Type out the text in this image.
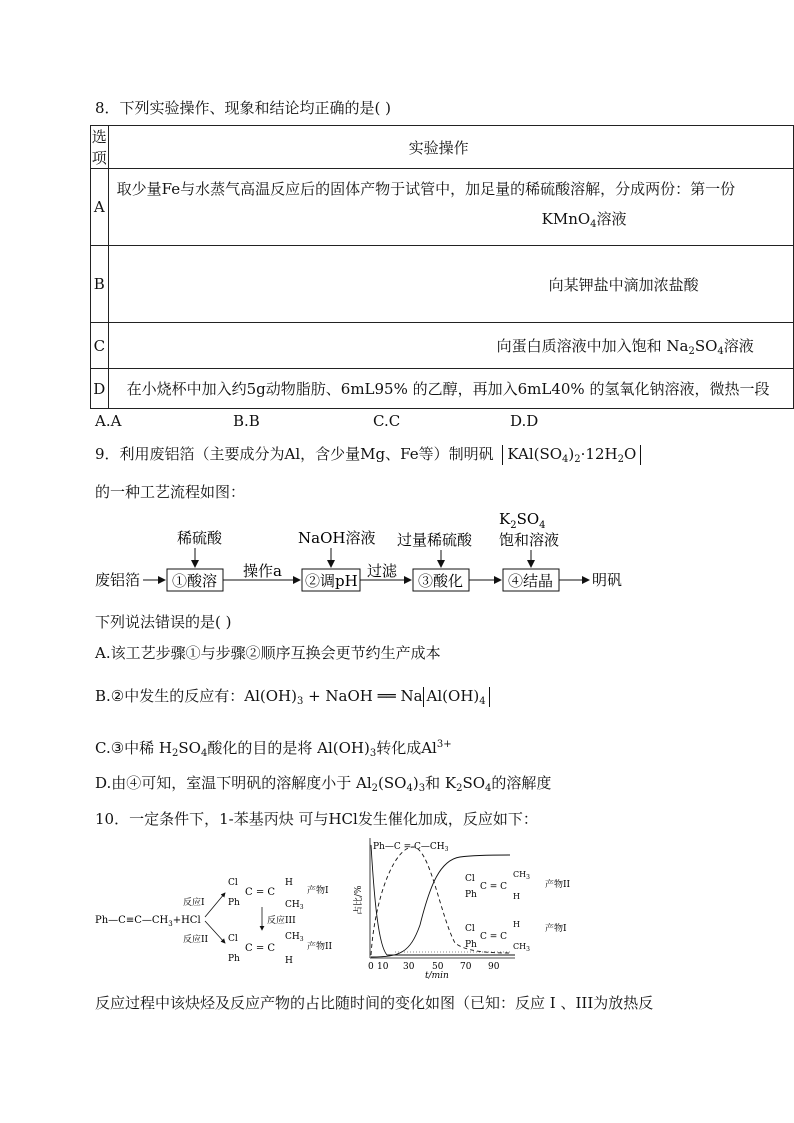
8．下列实验操作、现象和结论均正确的是( )
选项	实验操作
A	取少量Fe与水蒸气高温反应后的固体产物于试管中，加足量的稀硫酸溶解，分成两份：第一份
KMnO$_4$溶液

B	向某钾盐中滴加浓盐酸
C	向蛋白质溶液中加入饱和 $Na_2SO_4$溶液
D	在小烧杯中加入约5g动物脂肪、6mL95% 的乙醇，再加入6mL40% 的氢氧化钠溶液，微热一段
A.A	B.B	C.C	D.D
9．利用废铝箔（主要成分为Al，含少量Mg、Fe等）制明矾 $KAl(SO_4)_2\cdot 12H_2O$
的一种工艺流程如图：
废铝箔 ①酸溶
稀硫酸
操作a
②调pH
NaOH溶液
过滤
③酸化
过量稀硫酸
④结晶
$K_2SO_4$
饱和溶液
明矾
下列说法错误的是( )
A.该工艺步骤①与步骤②顺序互换会更节约生产成本
B.②中发生的反应有：$Al(OH)_3$ + NaOH ══ Na $Al(OH)_4$
C.③中稀 $H_2SO_4$酸化的目的是将 $Al(OH)_3$转化成$Al^{3+}$
D.由④可知，室温下明矾的溶解度小于 $Al_2(SO_4)_3$和 $K_2SO_4$的溶解度
10．一定条件下，1-苯基丙炔 可与HCl发生催化加成，反应如下：
$Ph—C\equiv C—CH_3+HCl$
反应I
反应II
Cl
Ph
C = C
H
$CH_3$
产物I
反应III
Cl
Ph
C = C
$CH_3$
H
产物II
占比/%
t/min
0 10 30 50 70 90
Ph—C = $C—CH_3$
Cl
Ph
C = C
$CH_3$
H
产物II
Cl
Ph
C = C
H
$CH_3$
产物I
反应过程中该炔烃及反应产物的占比随时间的变化如图（已知：反应 I 、III为放热反
